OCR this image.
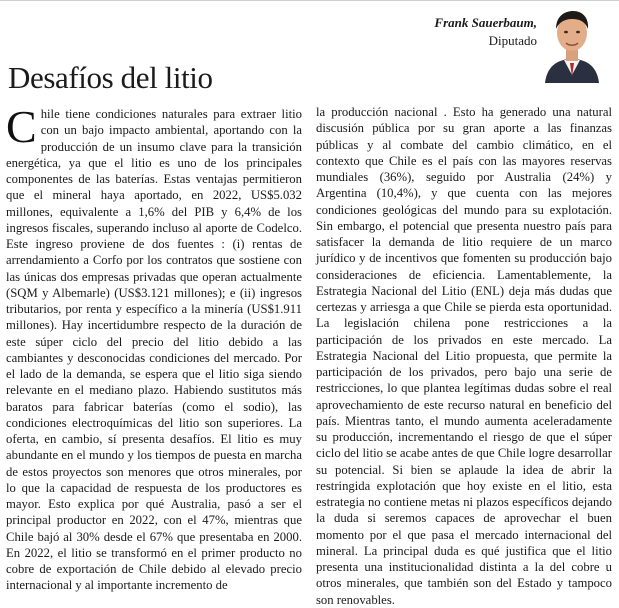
Frank Sauerbaum,
Diputado
Desafíos del litio

Chile tiene condiciones naturales para extraer litio con un bajo impacto ambiental, aportando con la producción de un insumo clave para la transición energética, ya que el litio es uno de los principales componentes de las baterías. Estas ventajas permitieron que el mineral haya aportado, en 2022, US$5.032 millones, equivalente a 1,6% del PIB y 6,4% de los ingresos fiscales, superando incluso al aporte de Codelco. Este ingreso proviene de dos fuentes : (i) rentas de arrendamiento a Corfo por los contratos que sostiene con las únicas dos empresas privadas que operan actualmente (SQM y Albemarle) (US$3.121 millones); e (ii) ingresos tributarios, por renta y específico a la minería (US$1.911 millones). Hay incertidumbre respecto de la duración de este súper ciclo del precio del litio debido a las cambiantes y desconocidas condiciones del mercado. Por el lado de la demanda, se espera que el litio siga siendo relevante en el mediano plazo. Habiendo sustitutos más baratos para fabricar baterías (como el sodio), las condiciones electroquímicas del litio son superiores. La oferta, en cambio, sí presenta desafíos. El litio es muy abundante en el mundo y los tiempos de puesta en marcha de estos proyectos son menores que otros minerales, por lo que la capacidad de respuesta de los productores es mayor. Esto explica por qué Australia, pasó a ser el principal productor en 2022, con el 47%, mientras que Chile bajó al 30% desde el 67% que presentaba en 2000. En 2022, el litio se transformó en el primer producto no cobre de exportación de Chile debido al elevado precio internacional y al importante incremento de

la producción nacional . Esto ha generado una natural discusión pública por su gran aporte a las finanzas públicas y al combate del cambio climático, en el contexto que Chile es el país con las mayores reservas mundiales (36%), seguido por Australia (24%) y Argentina (10,4%), y que cuenta con las mejores condiciones geológicas del mundo para su explotación. Sin embargo, el potencial que presenta nuestro país para satisfacer la demanda de litio requiere de un marco jurídico y de incentivos que fomenten su producción bajo consideraciones de eficiencia. Lamentablemente, la Estrategia Nacional del Litio (ENL) deja más dudas que certezas y arriesga a que Chile se pierda esta oportunidad. La legislación chilena pone restricciones a la participación de los privados en este mercado. La Estrategia Nacional del Litio propuesta, que permite la participación de los privados, pero bajo una serie de restricciones, lo que plantea legítimas dudas sobre el real aprovechamiento de este recurso natural en beneficio del país. Mientras tanto, el mundo aumenta aceleradamente su producción, incrementando el riesgo de que el súper ciclo del litio se acabe antes de que Chile logre desarrollar su potencial. Si bien se aplaude la idea de abrir la restringida explotación que hoy existe en el litio, esta estrategia no contiene metas ni plazos específicos dejando la duda si seremos capaces de aprovechar el buen momento por el que pasa el mercado internacional del mineral. La principal duda es qué justifica que el litio presenta una institucionalidad distinta a la del cobre u otros minerales, que también son del Estado y tampoco son renovables.
